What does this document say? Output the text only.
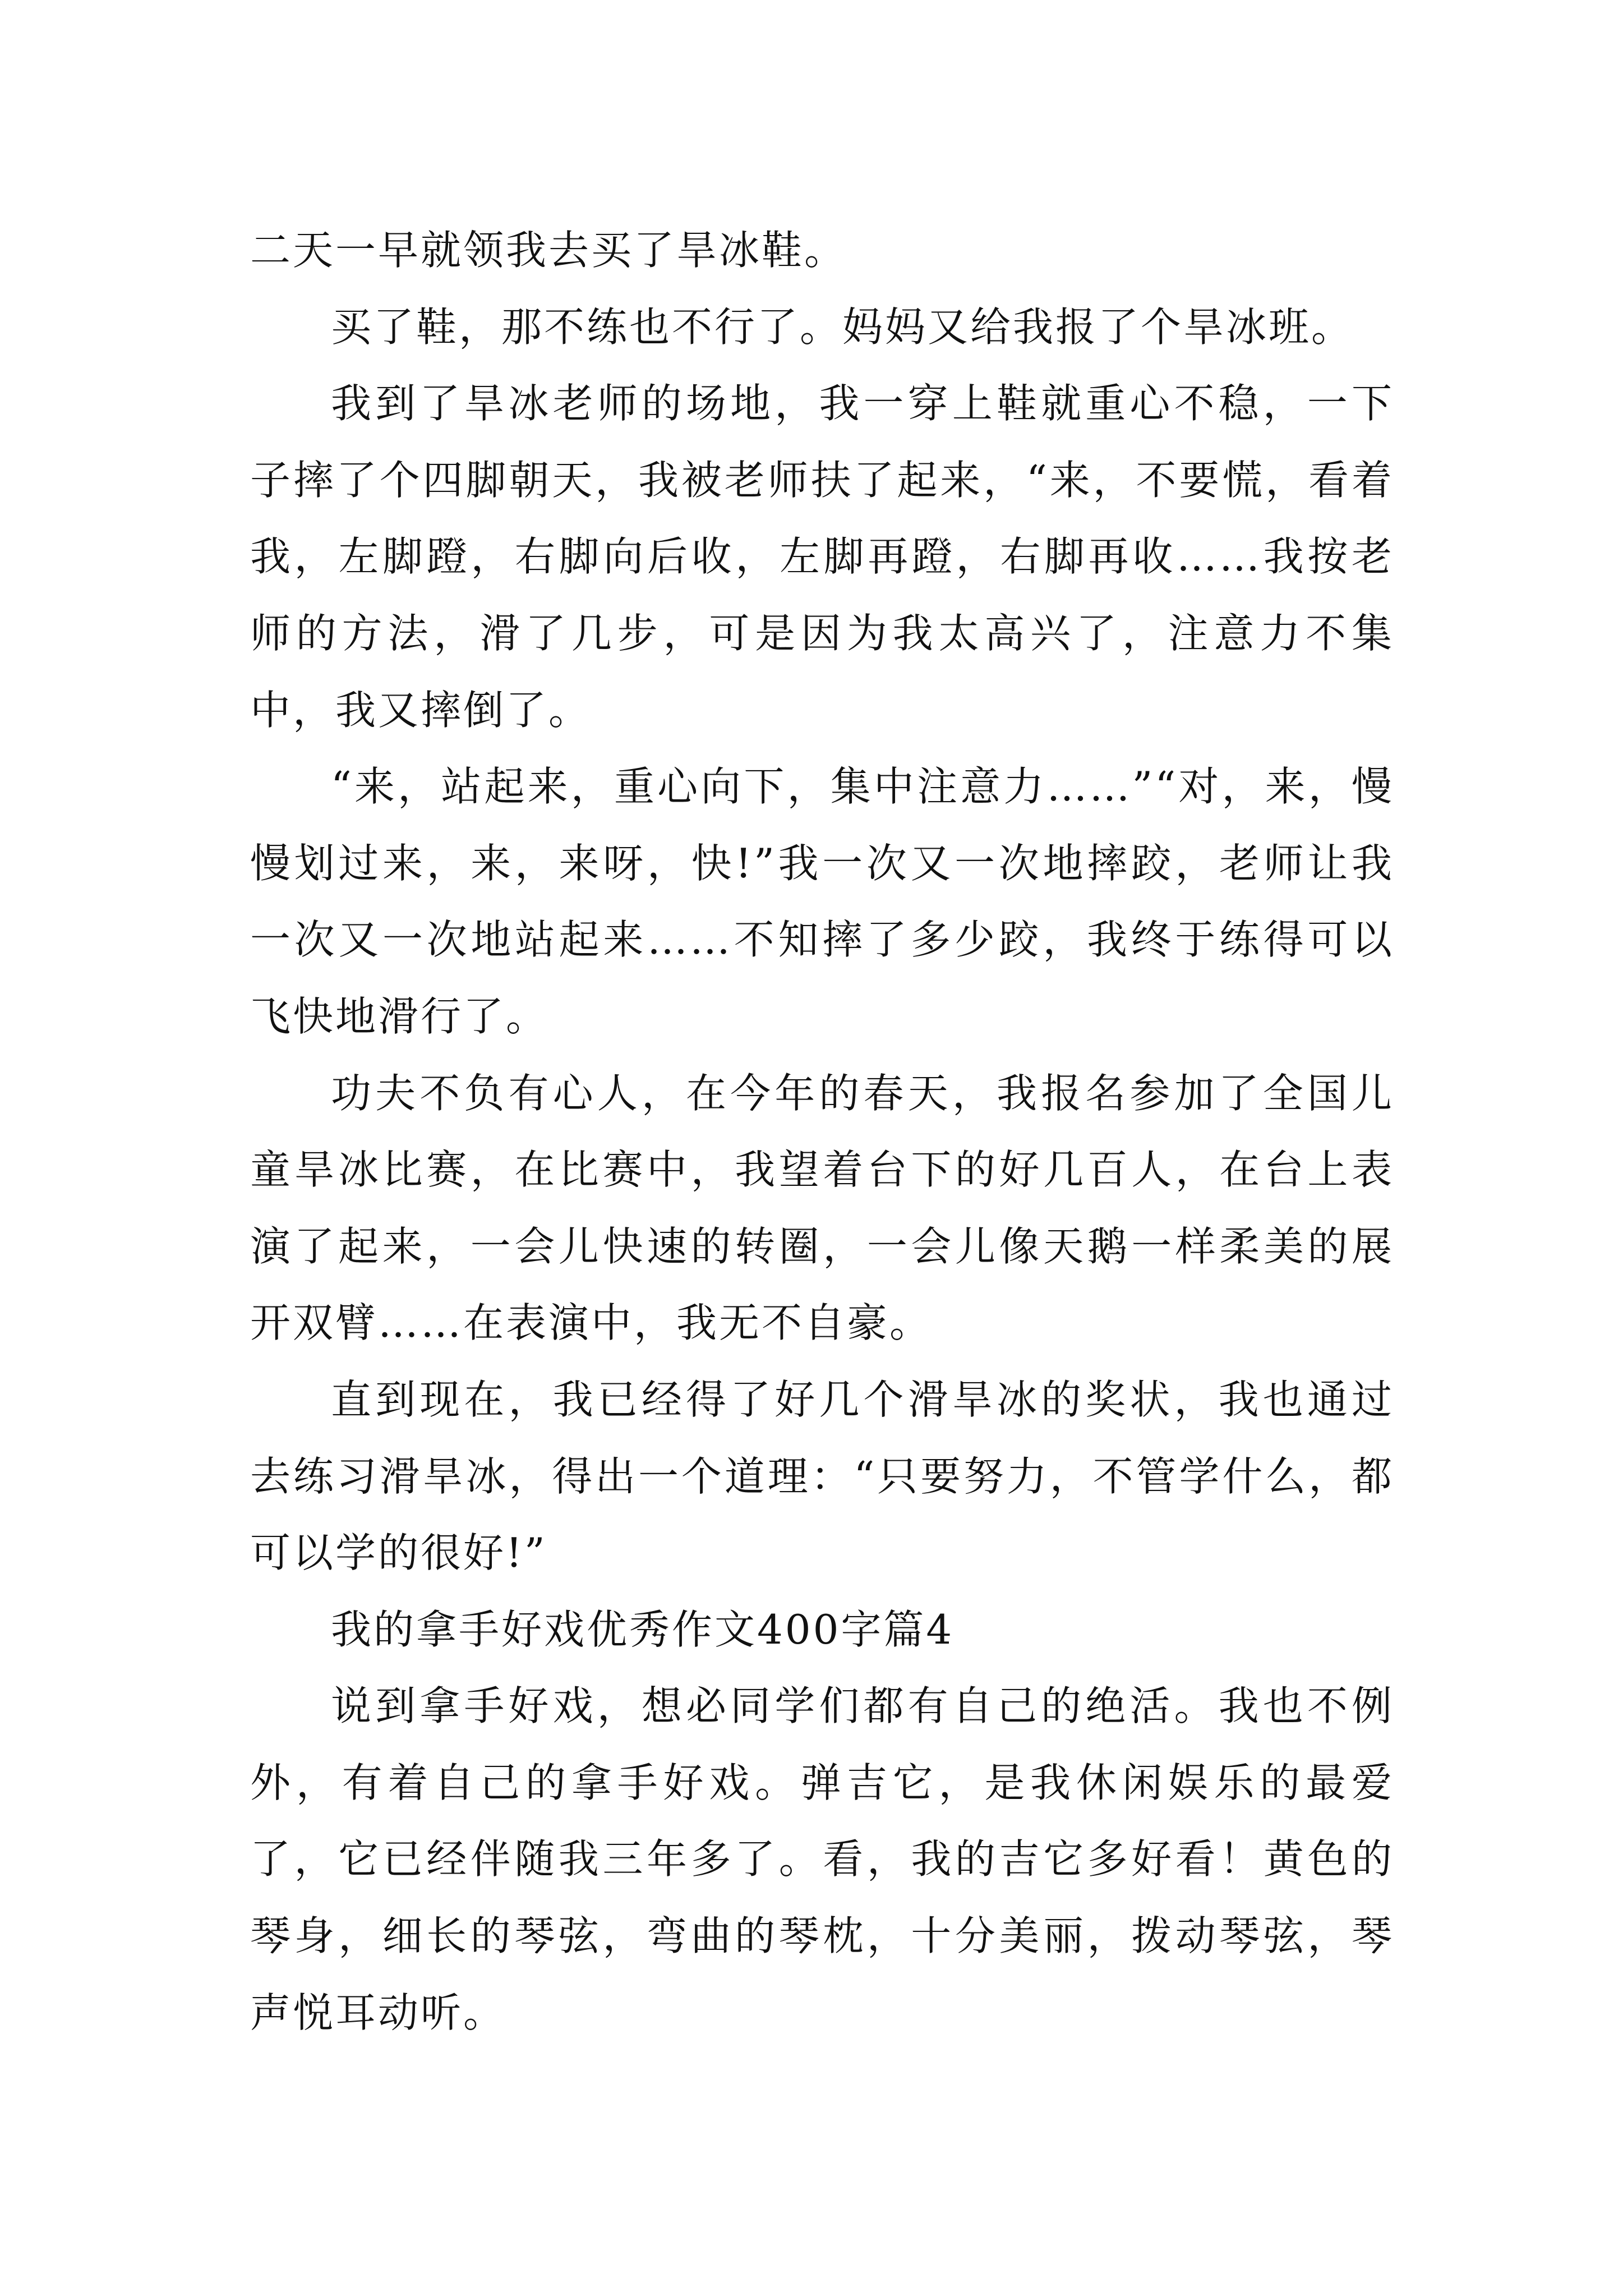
二天一早就领我去买了旱冰鞋。

买了鞋，那不练也不行了。妈妈又给我报了个旱冰班。

我到了旱冰老师的场地，我一穿上鞋就重心不稳，一下子摔了个四脚朝天，我被老师扶了起来，“来，不要慌，看着我，左脚蹬，右脚向后收，左脚再蹬，右脚再收……我按老师的方法，滑了几步，可是因为我太高兴了，注意力不集中，我又摔倒了。

“来，站起来，重心向下，集中注意力……”“对，来，慢慢划过来，来，来呀，快!”我一次又一次地摔跤，老师让我一次又一次地站起来……不知摔了多少跤，我终于练得可以飞快地滑行了。

功夫不负有心人，在今年的春天，我报名参加了全国儿童旱冰比赛，在比赛中，我望着台下的好几百人，在台上表演了起来，一会儿快速的转圈，一会儿像天鹅一样柔美的展开双臂……在表演中，我无不自豪。

直到现在，我已经得了好几个滑旱冰的奖状，我也通过去练习滑旱冰，得出一个道理：“只要努力，不管学什么，都可以学的很好!”

我的拿手好戏优秀作文400字篇4

说到拿手好戏，想必同学们都有自己的绝活。我也不例外，有着自己的拿手好戏。弹吉它，是我休闲娱乐的最爱了，它已经伴随我三年多了。看，我的吉它多好看！黄色的琴身，细长的琴弦，弯曲的琴枕，十分美丽，拨动琴弦，琴声悦耳动听。
